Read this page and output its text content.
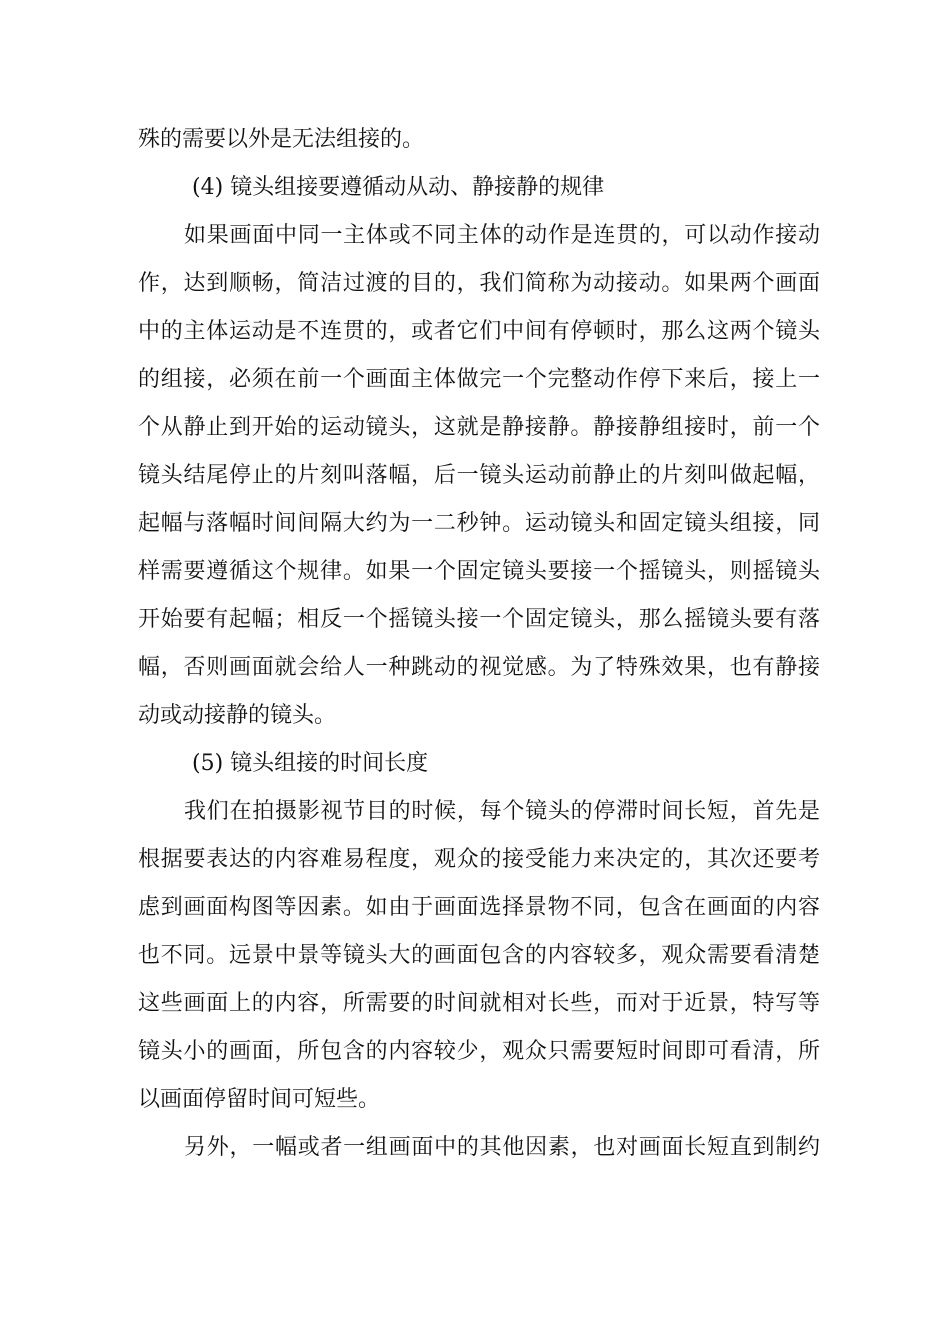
殊的需要以外是无法组接的。
(4) 镜头组接要遵循动从动、静接静的规律
如果画面中同一主体或不同主体的动作是连贯的，可以动作接动
作，达到顺畅，简洁过渡的目的，我们简称为动接动。如果两个画面
中的主体运动是不连贯的，或者它们中间有停顿时，那么这两个镜头
的组接，必须在前一个画面主体做完一个完整动作停下来后，接上一
个从静止到开始的运动镜头，这就是静接静。静接静组接时，前一个
镜头结尾停止的片刻叫落幅，后一镜头运动前静止的片刻叫做起幅，
起幅与落幅时间间隔大约为一二秒钟。运动镜头和固定镜头组接，同
样需要遵循这个规律。如果一个固定镜头要接一个摇镜头，则摇镜头
开始要有起幅；相反一个摇镜头接一个固定镜头，那么摇镜头要有落
幅，否则画面就会给人一种跳动的视觉感。为了特殊效果，也有静接
动或动接静的镜头。
(5) 镜头组接的时间长度
我们在拍摄影视节目的时候，每个镜头的停滞时间长短，首先是
根据要表达的内容难易程度，观众的接受能力来决定的，其次还要考
虑到画面构图等因素。如由于画面选择景物不同，包含在画面的内容
也不同。远景中景等镜头大的画面包含的内容较多，观众需要看清楚
这些画面上的内容，所需要的时间就相对长些，而对于近景，特写等
镜头小的画面，所包含的内容较少，观众只需要短时间即可看清，所
以画面停留时间可短些。
另外，一幅或者一组画面中的其他因素，也对画面长短直到制约
